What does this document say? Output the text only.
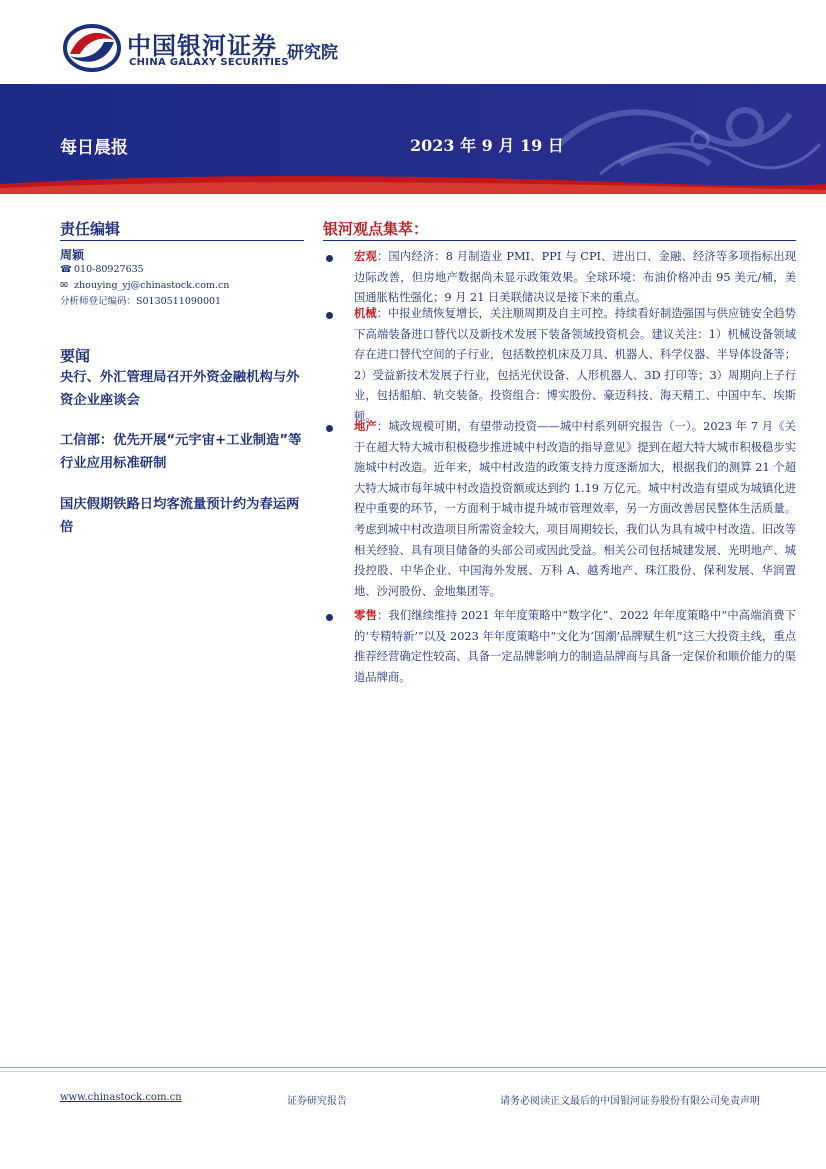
中国银河证券
CHINA GALAXY SECURITIES
研究院
每日晨报	2023 年 9 月 19 日
责任编辑
周颖
☎ 010-80927635
✉ zhouying_yj@chinastock.com.cn
分析师登记编码：S0130511090001
要闻
央行、外汇管理局召开外资金融机构与外资企业座谈会
工信部：优先开展“元宇宙+工业制造”等行业应用标准研制
国庆假期铁路日均客流量预计约为春运两倍
银河观点集萃：
宏观：国内经济：8 月制造业 PMI、PPI 与 CPI、进出口、金融、经济等多项指标出现边际改善，但房地产数据尚未显示政策效果。全球环境：布油价格冲击 95 美元/桶，美国通胀粘性强化；9 月 21 日美联储决议是接下来的重点。
机械：中报业绩恢复增长，关注顺周期及自主可控。持续看好制造强国与供应链安全趋势下高端装备进口替代以及新技术发展下装备领域投资机会。建议关注：1）机械设备领域存在进口替代空间的子行业，包括数控机床及刀具、机器人、科学仪器、半导体设备等；2）受益新技术发展子行业，包括光伏设备、人形机器人、3D 打印等；3）周期向上子行业，包括船舶、轨交装备。投资组合：博实股份、豪迈科技、海天精工、中国中车、埃斯顿。
地产：城改规模可期，有望带动投资——城中村系列研究报告（一）。2023 年 7 月《关于在超大特大城市积极稳步推进城中村改造的指导意见》提到在超大特大城市积极稳步实施城中村改造。近年来，城中村改造的政策支持力度逐渐加大，根据我们的测算 21 个超大特大城市每年城中村改造投资额或达到约 1.19 万亿元。城中村改造有望成为城镇化进程中重要的环节，一方面利于城市提升城市管理效率，另一方面改善居民整体生活质量。考虑到城中村改造项目所需资金较大，项目周期较长，我们认为具有城中村改造、旧改等相关经验、具有项目储备的头部公司或因此受益。相关公司包括城建发展、光明地产、城投控股、中华企业、中国海外发展、万科 A、越秀地产、珠江股份、保利发展、华润置地、沙河股份、金地集团等。
零售：我们继续维持 2021 年年度策略中“数字化”、2022 年年度策略中“中高端消费下的‘专精特新’”以及 2023 年年度策略中“文化为‘国潮’品牌赋生机”这三大投资主线，重点推荐经营确定性较高、具备一定品牌影响力的制造品牌商与具备一定保价和顺价能力的渠道品牌商。
www.chinastock.com.cn	证券研究报告	请务必阅读正文最后的中国银河证券股份有限公司免责声明
